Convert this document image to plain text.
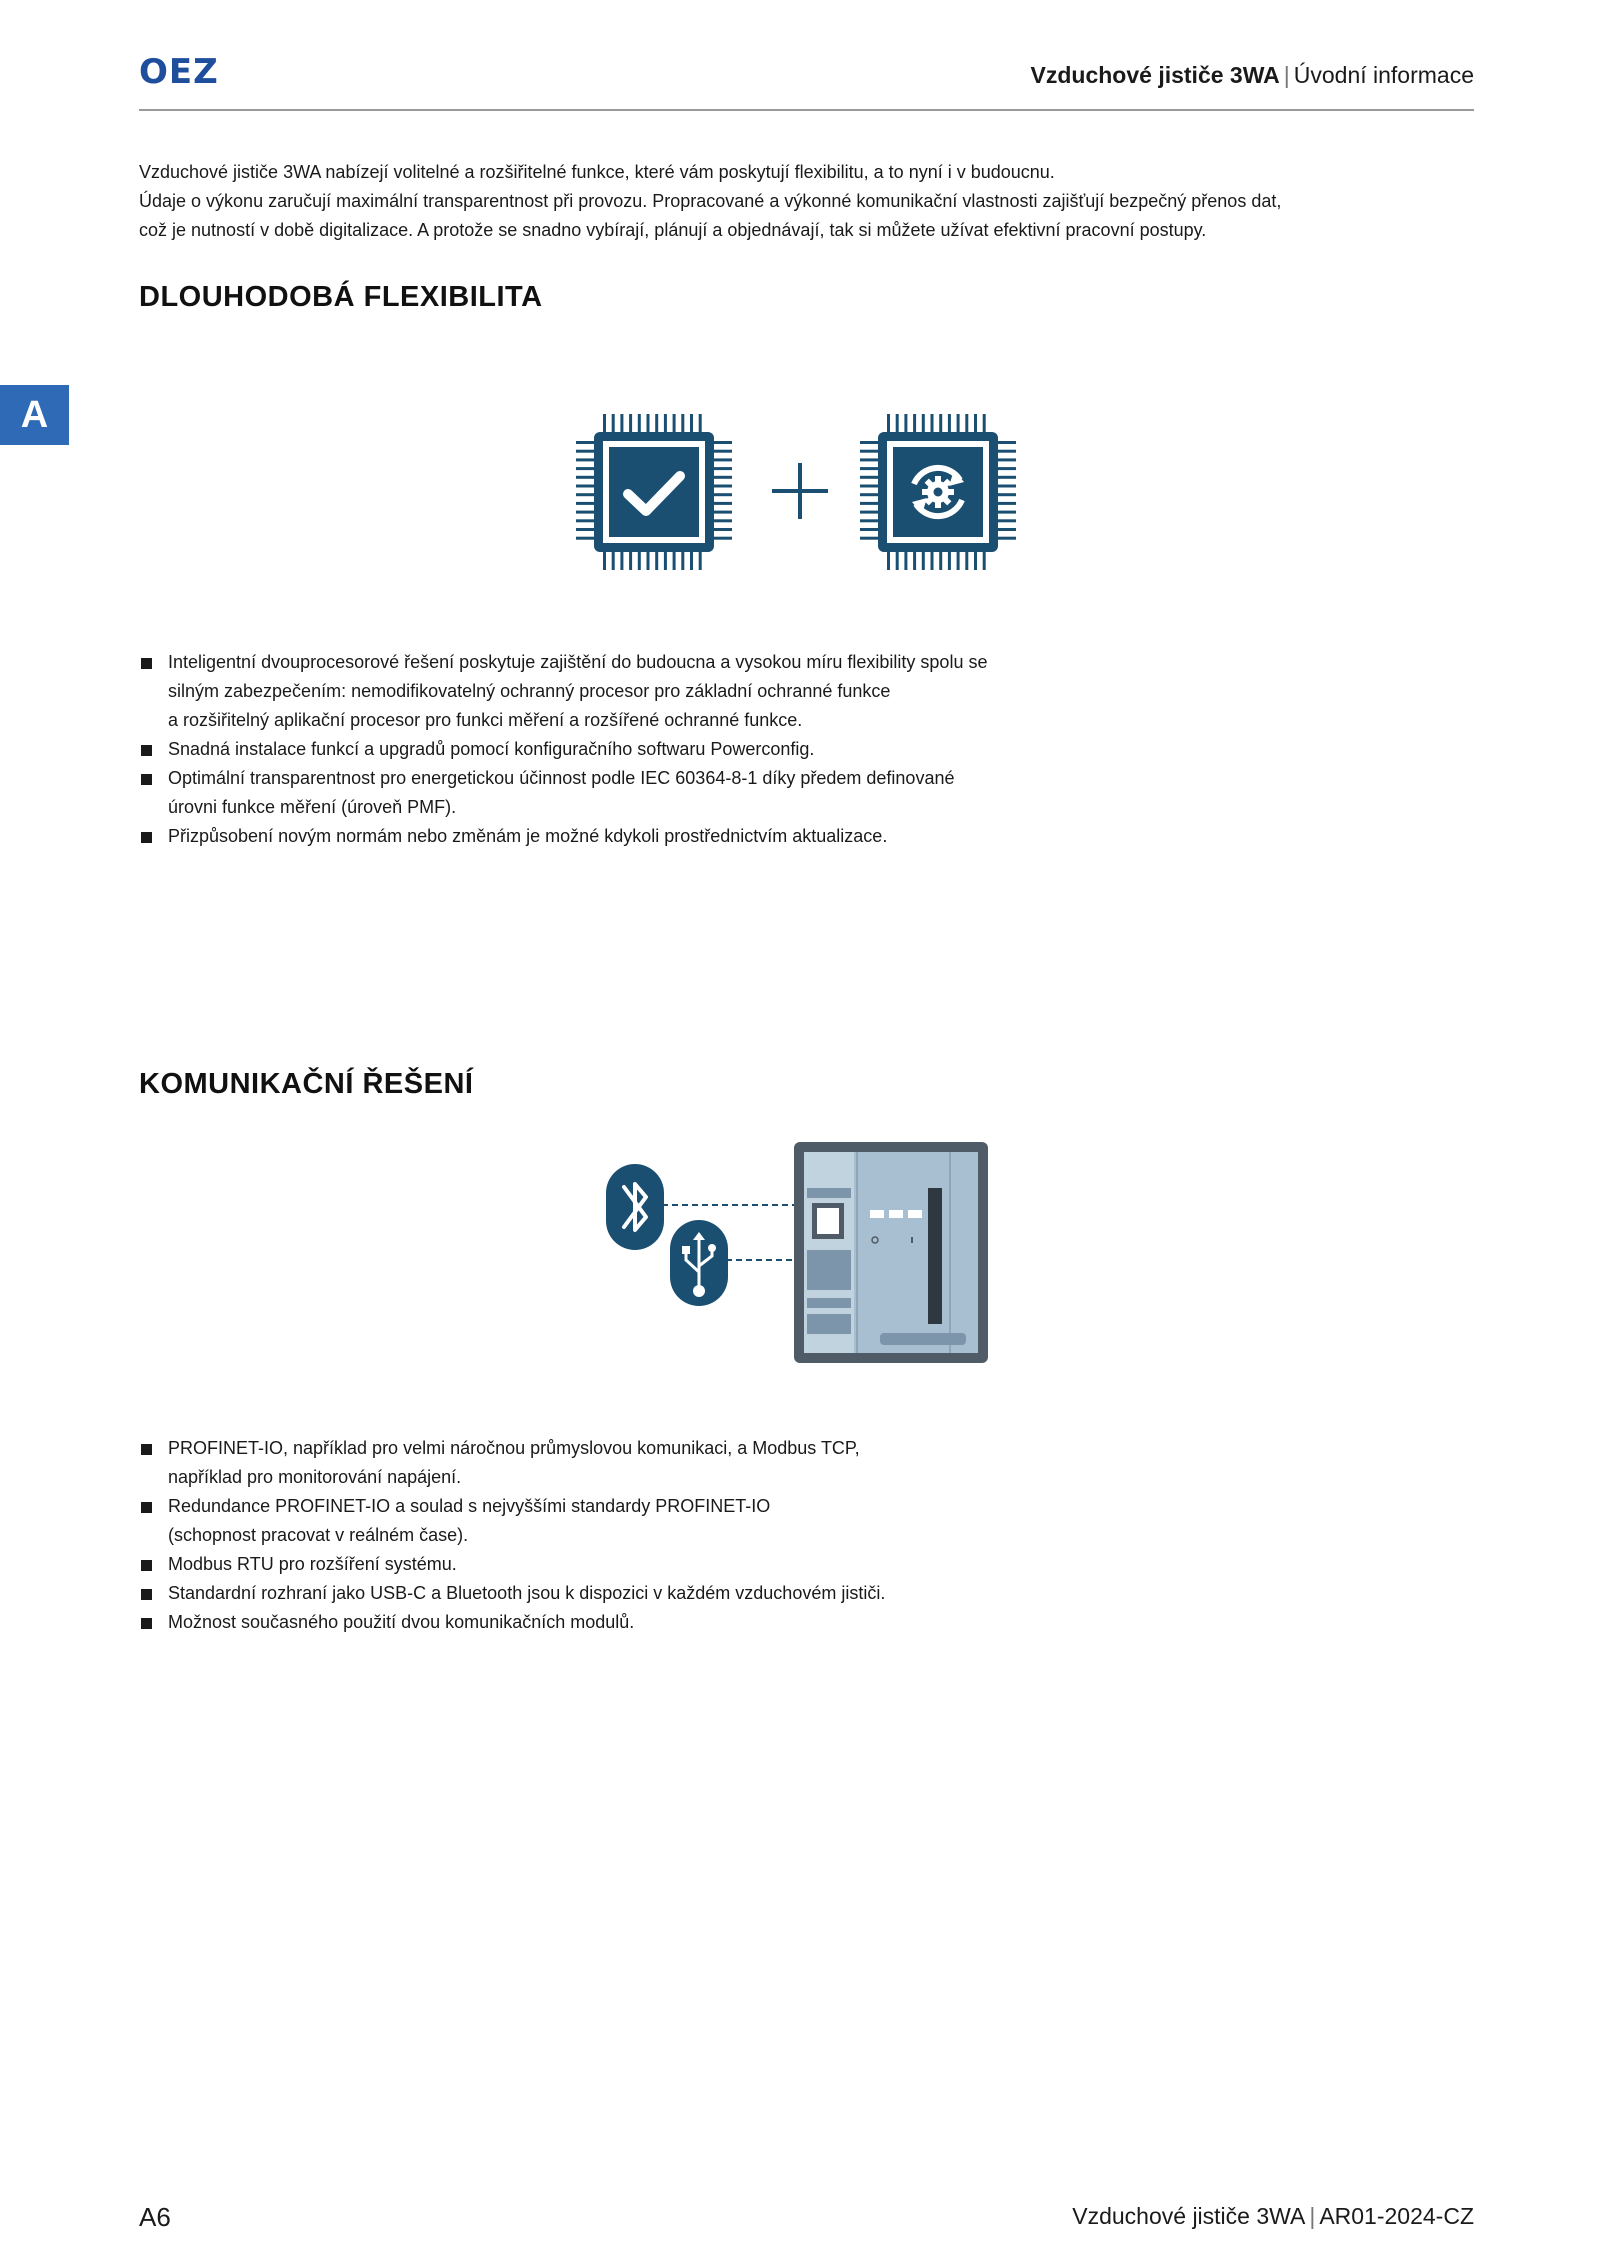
OEZ	Vzduchové jističe 3WA | Úvodní informace
A

Vzduchové jističe 3WA nabízejí volitelné a rozšiřitelné funkce, které vám poskytují flexibilitu, a to nyní i v budoucnu.

Údaje o výkonu zaručují maximální transparentnost při provozu. Propracované a výkonné komunikační vlastnosti zajišťují bezpečný přenos dat,

což je nutností v době digitalizace. A protože se snadno vybírají, plánují a objednávají, tak si můžete užívat efektivní pracovní postupy.

DLOUHODOBÁ FLEXIBILITA
Inteligentní dvouprocesorové řešení poskytuje zajištění do budoucna a vysokou míru flexibility spolu se
silným zabezpečením: nemodifikovatelný ochranný procesor pro základní ochranné funkce
a rozšiřitelný aplikační procesor pro funkci měření a rozšířené ochranné funkce.
Snadná instalace funkcí a upgradů pomocí konfiguračního softwaru Powerconfig.
Optimální transparentnost pro energetickou účinnost podle IEC 60364-8-1 díky předem definované
úrovni funkce měření (úroveň PMF).
Přizpůsobení novým normám nebo změnám je možné kdykoli prostřednictvím aktualizace.
KOMUNIKAČNÍ ŘEŠENÍ
PROFINET-IO, například pro velmi náročnou průmyslovou komunikaci, a Modbus TCP,
například pro monitorování napájení.
Redundance PROFINET-IO a soulad s nejvyššími standardy PROFINET-IO
(schopnost pracovat v reálném čase).
Modbus RTU pro rozšíření systému.
Standardní rozhraní jako USB-C a Bluetooth jsou k dispozici v každém vzduchovém jističi.
Možnost současného použití dvou komunikačních modulů.
A6	Vzduchové jističe 3WA | AR01-2024-CZ
